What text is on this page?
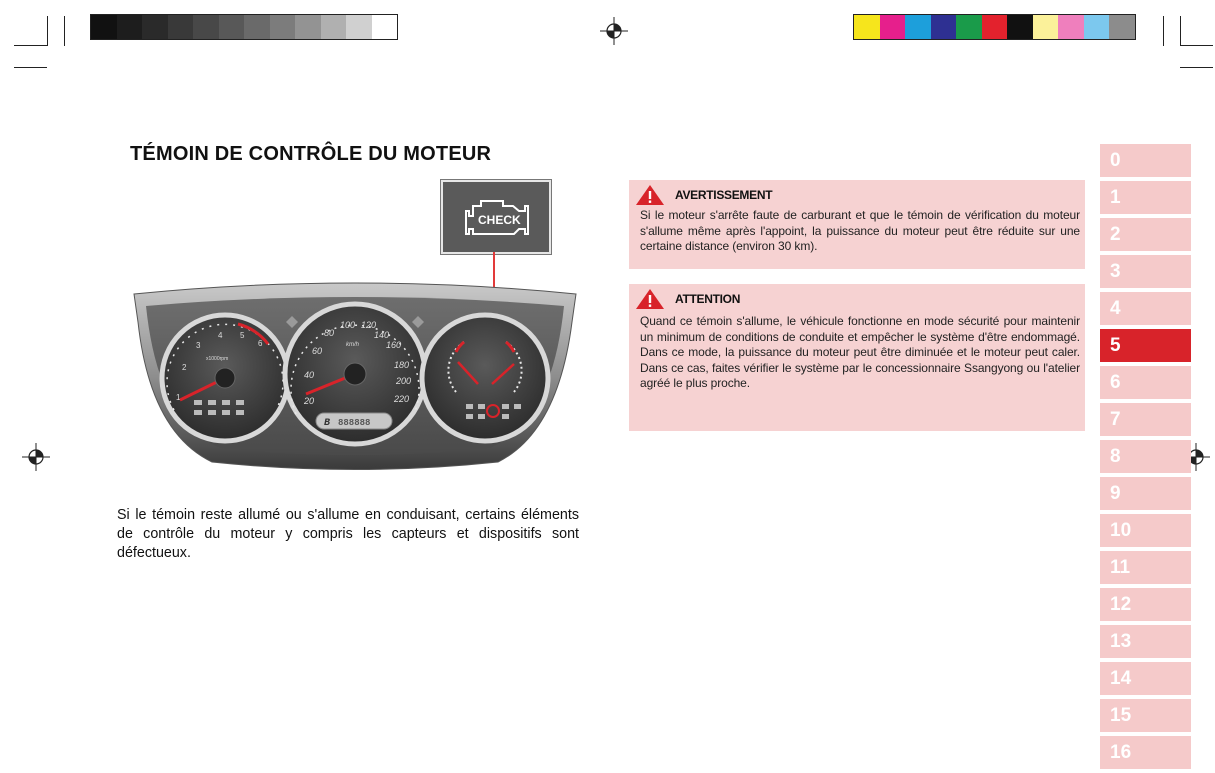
TÉMOIN DE CONTRÔLE DU MOTEUR
CHECK
1
2
3
4 5
6
x1000rpm
20
40
60
80
100 120
140
160
180
200
220
km/h
B 888888
Si le témoin reste allumé ou s'allume en conduisant, certains éléments de contrôle du moteur y compris les capteurs et dispositifs sont défectueux.
AVERTISSEMENT
Si le moteur s'arrête faute de carburant et que le témoin de vérification du moteur s'allume même après l'appoint, la puissance du moteur peut être réduite sur une certaine distance (environ 30 km).
ATTENTION
Quand ce témoin s'allume, le véhicule fonctionne en mode sécurité pour maintenir un minimum de conditions de conduite et empêcher le système d'être endommagé. Dans ce mode, la puissance du moteur peut être diminuée et le moteur peut caler. Dans ce cas, faites vérifier le système par le concessionnaire Ssangyong ou l'atelier agréé le plus proche.
0
1
2
3
4
5
6
7
8
9
10
11
12
13
14
15
16
